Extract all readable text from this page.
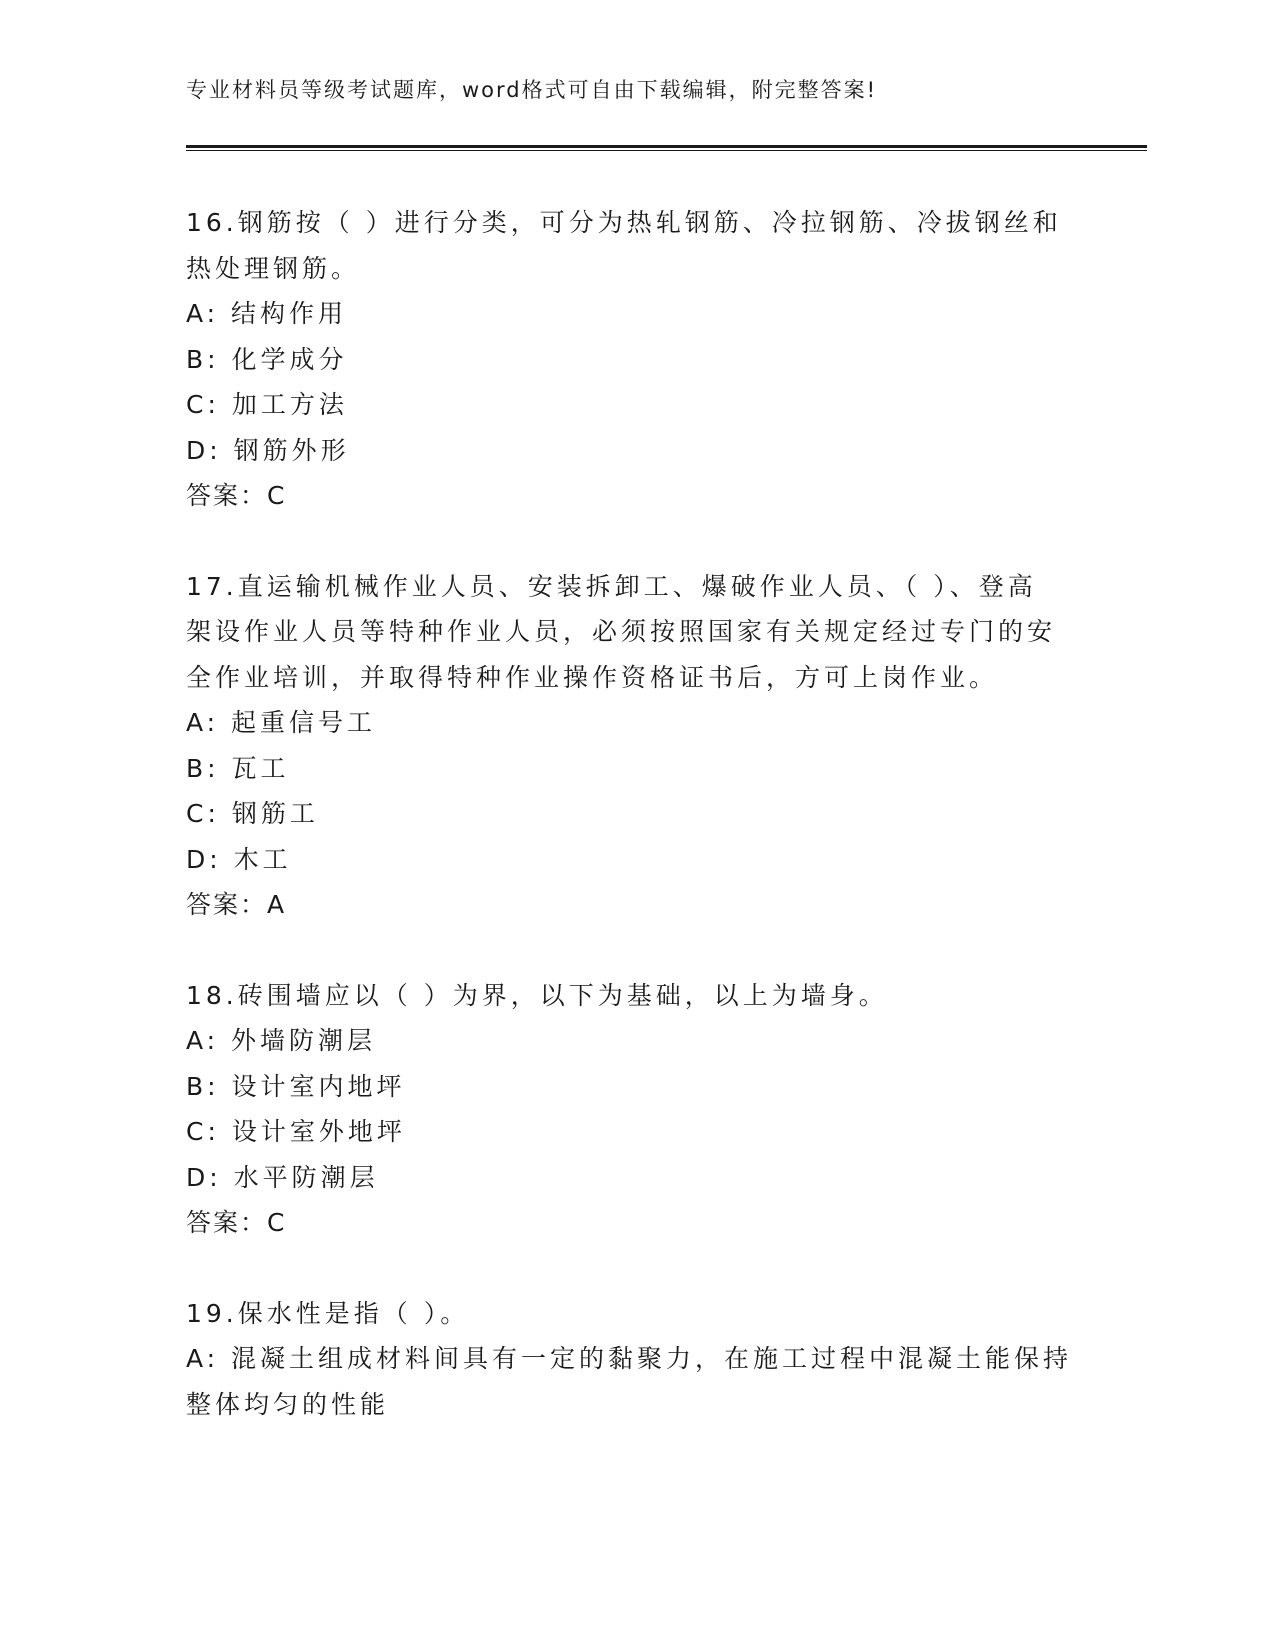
专业材料员等级考试题库，word格式可自由下载编辑，附完整答案!
16.钢筋按（ ）进行分类，可分为热轧钢筋、冷拉钢筋、冷拔钢丝和
热处理钢筋。
A: 结构作用
B: 化学成分
C: 加工方法
D: 钢筋外形
答案：C
17.直运输机械作业人员、安装拆卸工、爆破作业人员、（ ）、登高
架设作业人员等特种作业人员，必须按照国家有关规定经过专门的安
全作业培训，并取得特种作业操作资格证书后，方可上岗作业。
A: 起重信号工
B: 瓦工
C: 钢筋工
D: 木工
答案：A
18.砖围墙应以（ ）为界，以下为基础，以上为墙身。
A: 外墙防潮层
B: 设计室内地坪
C: 设计室外地坪
D: 水平防潮层
答案：C
19.保水性是指（ ）。
A: 混凝土组成材料间具有一定的黏聚力，在施工过程中混凝土能保持
整体均匀的性能
